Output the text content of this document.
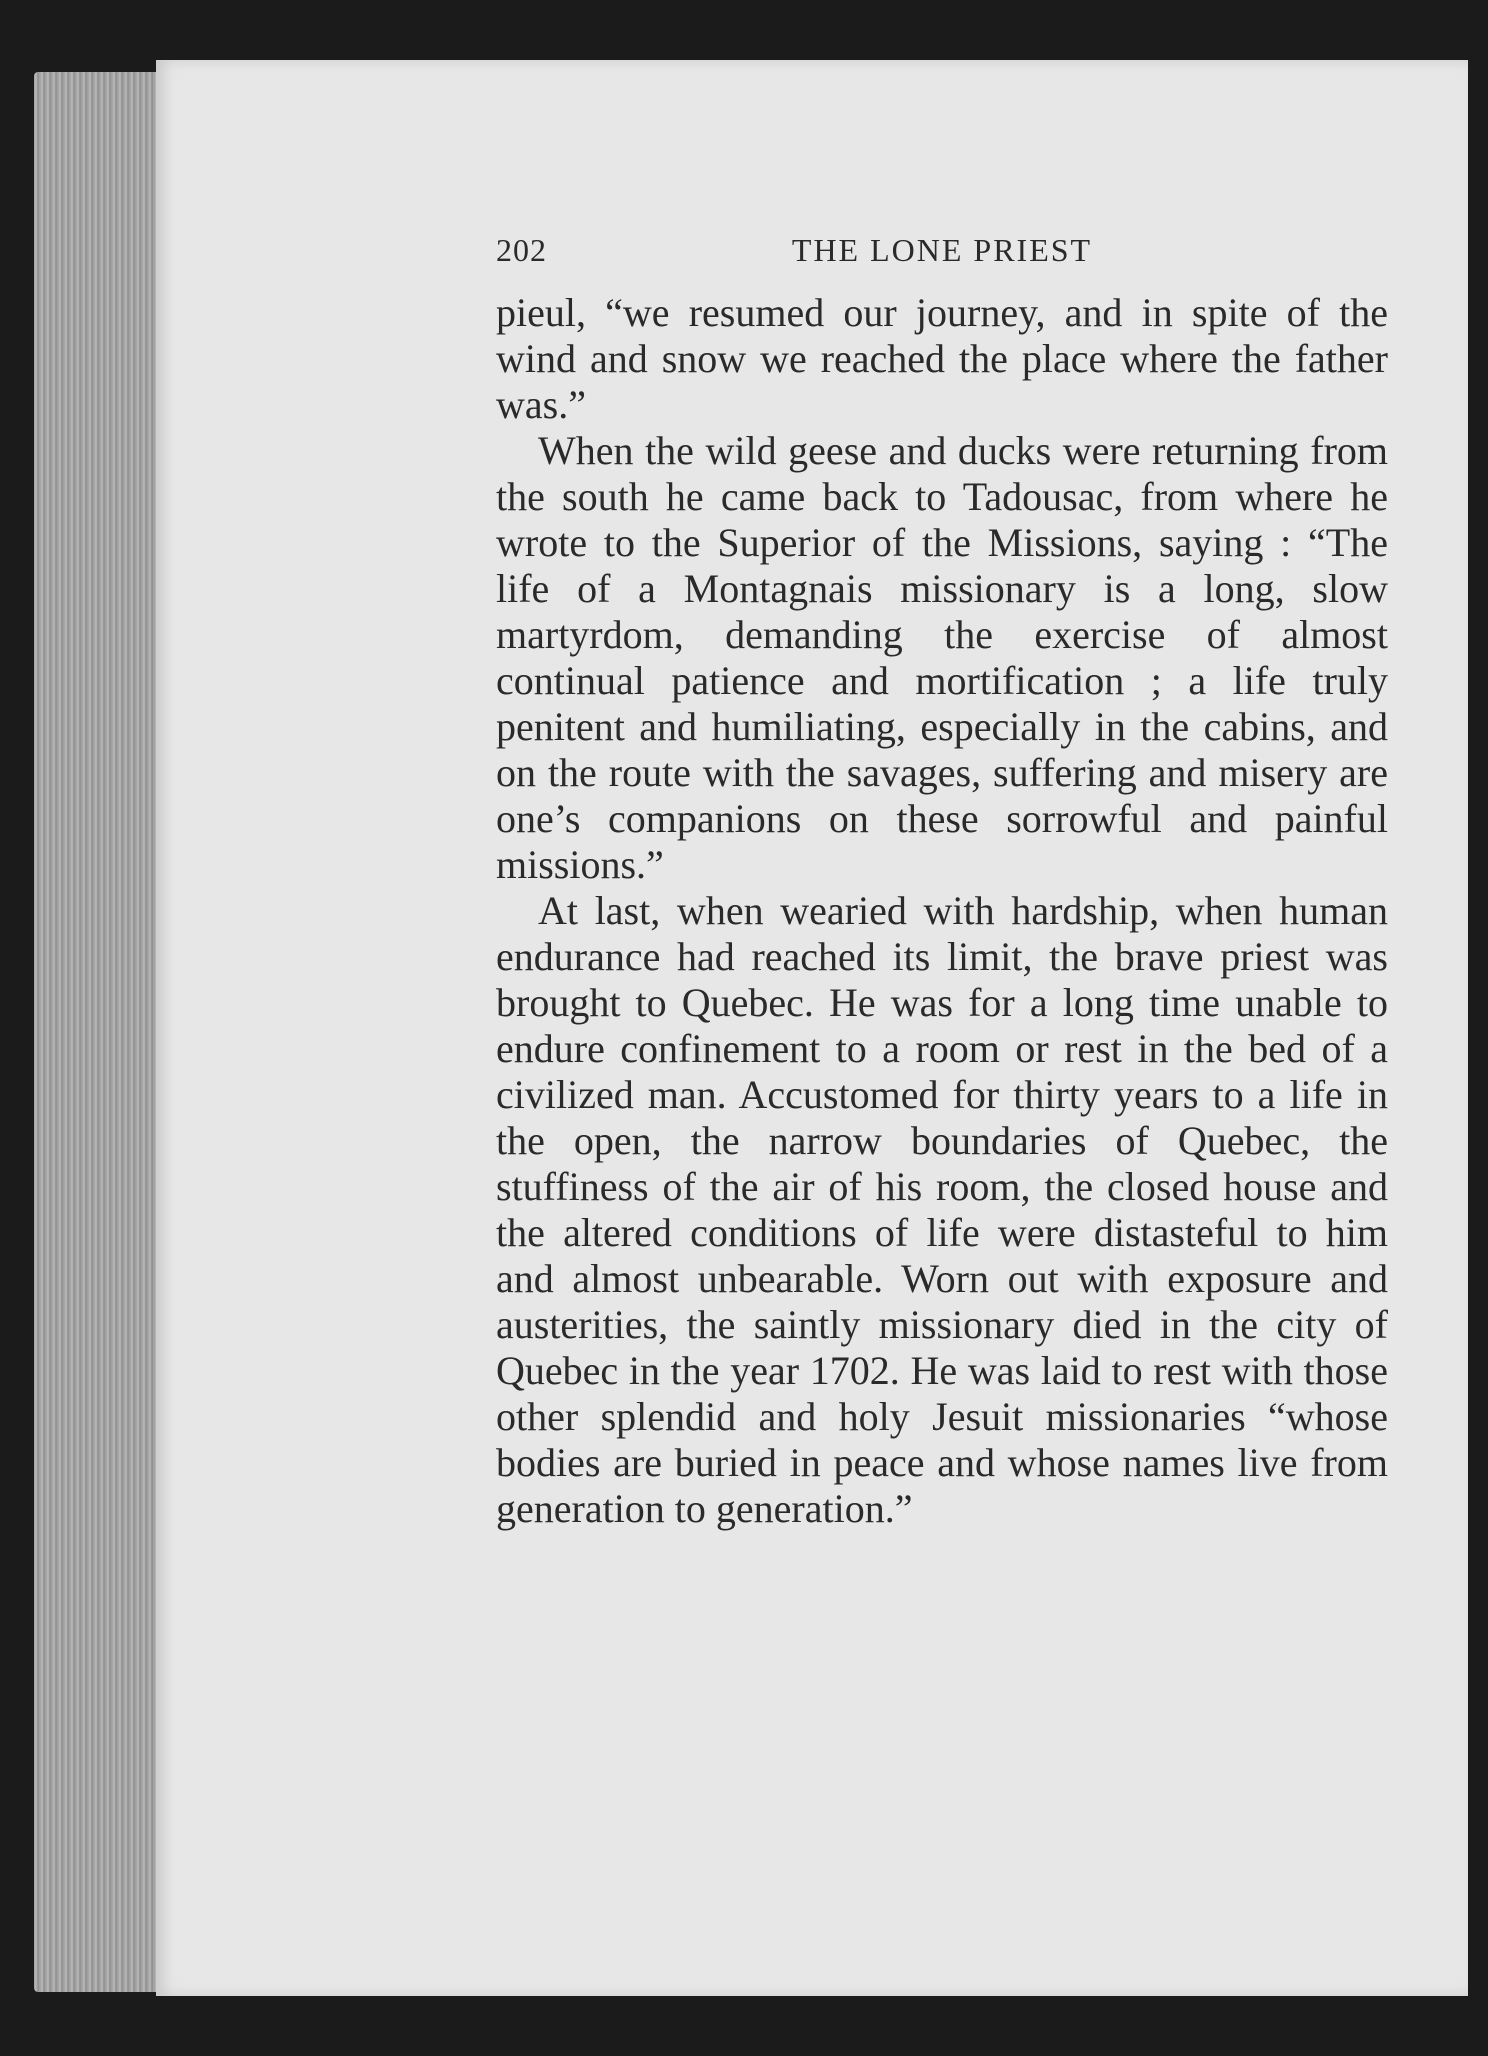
202	THE LONE PRIEST

pieul, “we resumed our journey, and in spite of the wind and snow we reached the place where the father was.”

When the wild geese and ducks were returning from the south he came back to Tadousac, from where he wrote to the Superior of the Missions, saying : “The life of a Montagnais missionary is a long, slow martyrdom, demanding the exercise of almost continual patience and mortification ; a life truly penitent and humiliating, especially in the cabins, and on the route with the savages, suffering and misery are one’s companions on these sorrowful and painful missions.”

At last, when wearied with hardship, when human endurance had reached its limit, the brave priest was brought to Quebec. He was for a long time unable to endure confinement to a room or rest in the bed of a civilized man. Accustomed for thirty years to a life in the open, the narrow boundaries of Quebec, the stuffiness of the air of his room, the closed house and the altered conditions of life were distasteful to him and almost unbearable. Worn out with exposure and austerities, the saintly missionary died in the city of Quebec in the year 1702. He was laid to rest with those other splendid and holy Jesuit missionaries “whose bodies are buried in peace and whose names live from generation to generation.”
